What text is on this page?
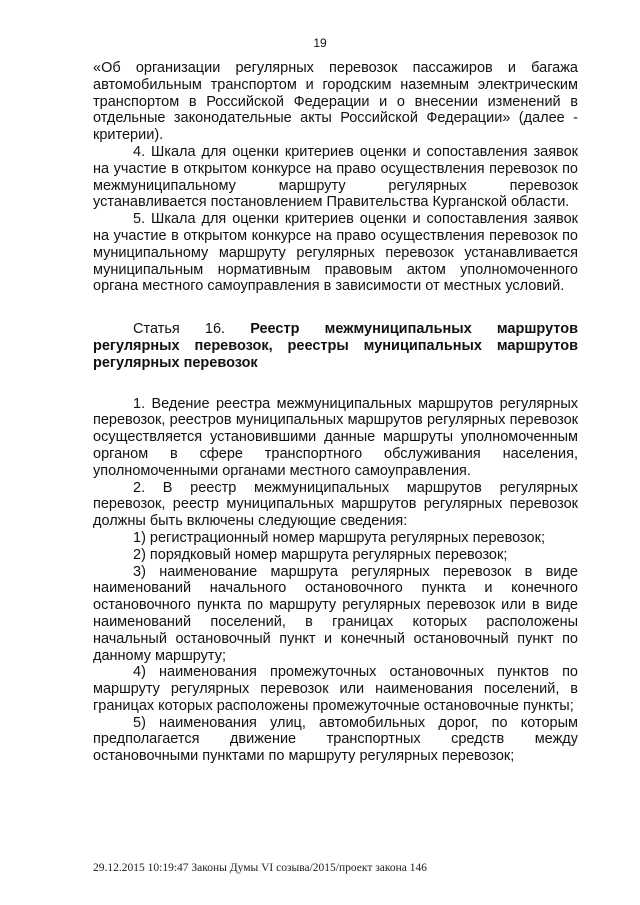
19

«Об организации регулярных перевозок пассажиров и багажа автомобильным транспортом и городским наземным электрическим транспортом в Российской Федерации и о внесении изменений в отдельные законодательные акты Российской Федерации» (далее - критерии).

4. Шкала для оценки критериев оценки и сопоставления заявок на участие в открытом конкурсе на право осуществления перевозок по межмуниципальному маршруту регулярных перевозок устанавливается постановлением Правительства Курганской области.

5. Шкала для оценки критериев оценки и сопоставления заявок на участие в открытом конкурсе на право осуществления перевозок по муниципальному маршруту регулярных перевозок устанавливается муниципальным нормативным правовым актом уполномоченного органа местного самоуправления в зависимости от местных условий.

Статья 16. Реестр межмуниципальных маршрутов регулярных перевозок, реестры муниципальных маршрутов регулярных перевозок

1. Ведение реестра межмуниципальных маршрутов регулярных перевозок, реестров муниципальных маршрутов регулярных перевозок осуществляется установившими данные маршруты уполномоченным органом в сфере транспортного обслуживания населения, уполномоченными органами местного самоуправления.

2. В реестр межмуниципальных маршрутов регулярных перевозок, реестр муниципальных маршрутов регулярных перевозок должны быть включены следующие сведения:

1) регистрационный номер маршрута регулярных перевозок;

2) порядковый номер маршрута регулярных перевозок;

3) наименование маршрута регулярных перевозок в виде наименований начального остановочного пункта и конечного остановочного пункта по маршруту регулярных перевозок или в виде наименований поселений, в границах которых расположены начальный остановочный пункт и конечный остановочный пункт по данному маршруту;

4) наименования промежуточных остановочных пунктов по маршруту регулярных перевозок или наименования поселений, в границах которых расположены промежуточные остановочные пункты;

5) наименования улиц, автомобильных дорог, по которым предполагается движение транспортных средств между остановочными пунктами по маршруту регулярных перевозок;

29.12.2015 10:19:47 Законы Думы VI созыва/2015/проект закона 146
